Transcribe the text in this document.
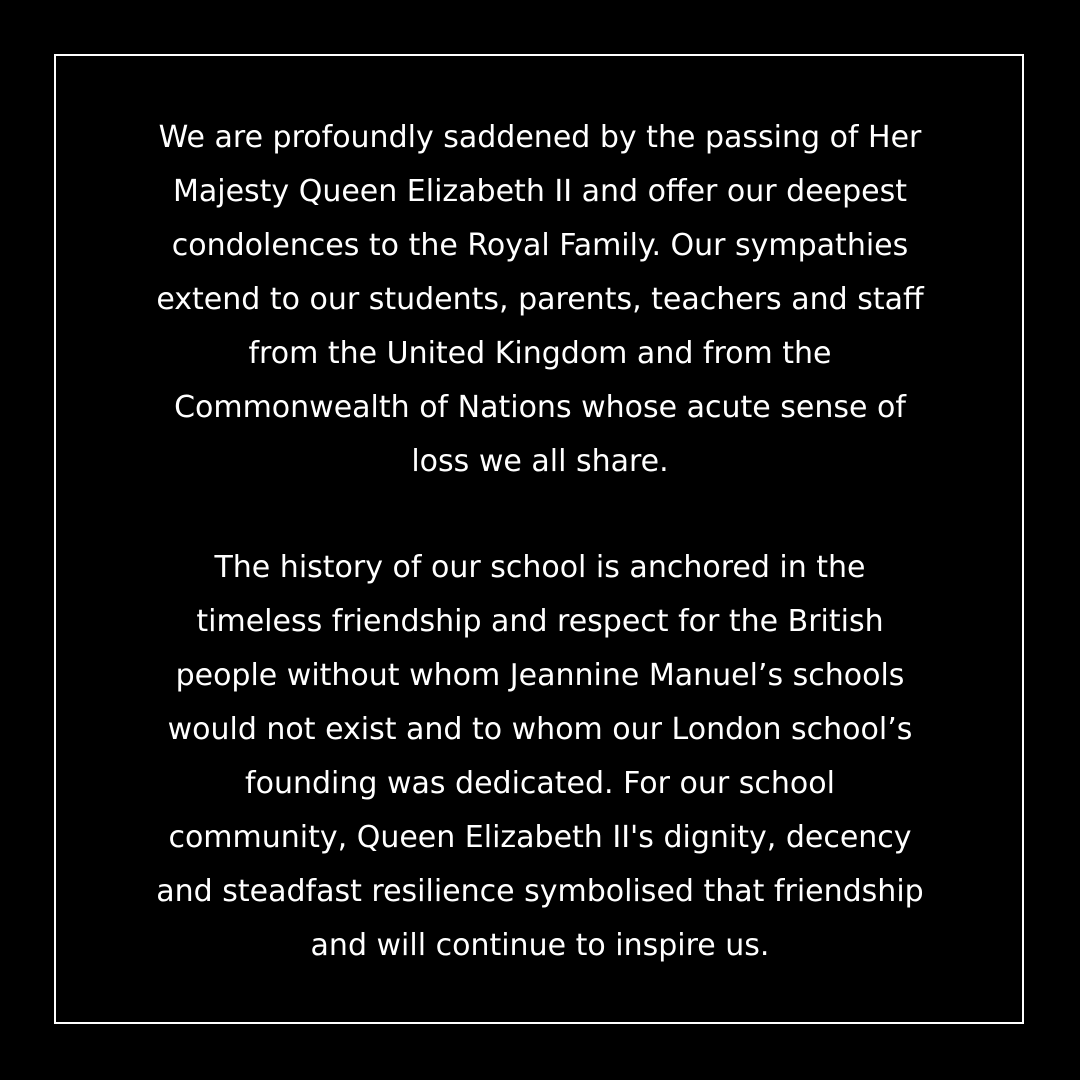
We are profoundly saddened by the passing of Her
Majesty Queen Elizabeth II and offer our deepest
condolences to the Royal Family. Our sympathies
extend to our students, parents, teachers and staff
from the United Kingdom and from the
Commonwealth of Nations whose acute sense of
loss we all share.

The history of our school is anchored in the
timeless friendship and respect for the British
people without whom Jeannine Manuel’s schools
would not exist and to whom our London school’s
founding was dedicated. For our school
community, Queen Elizabeth II's dignity, decency
and steadfast resilience symbolised that friendship
and will continue to inspire us.
